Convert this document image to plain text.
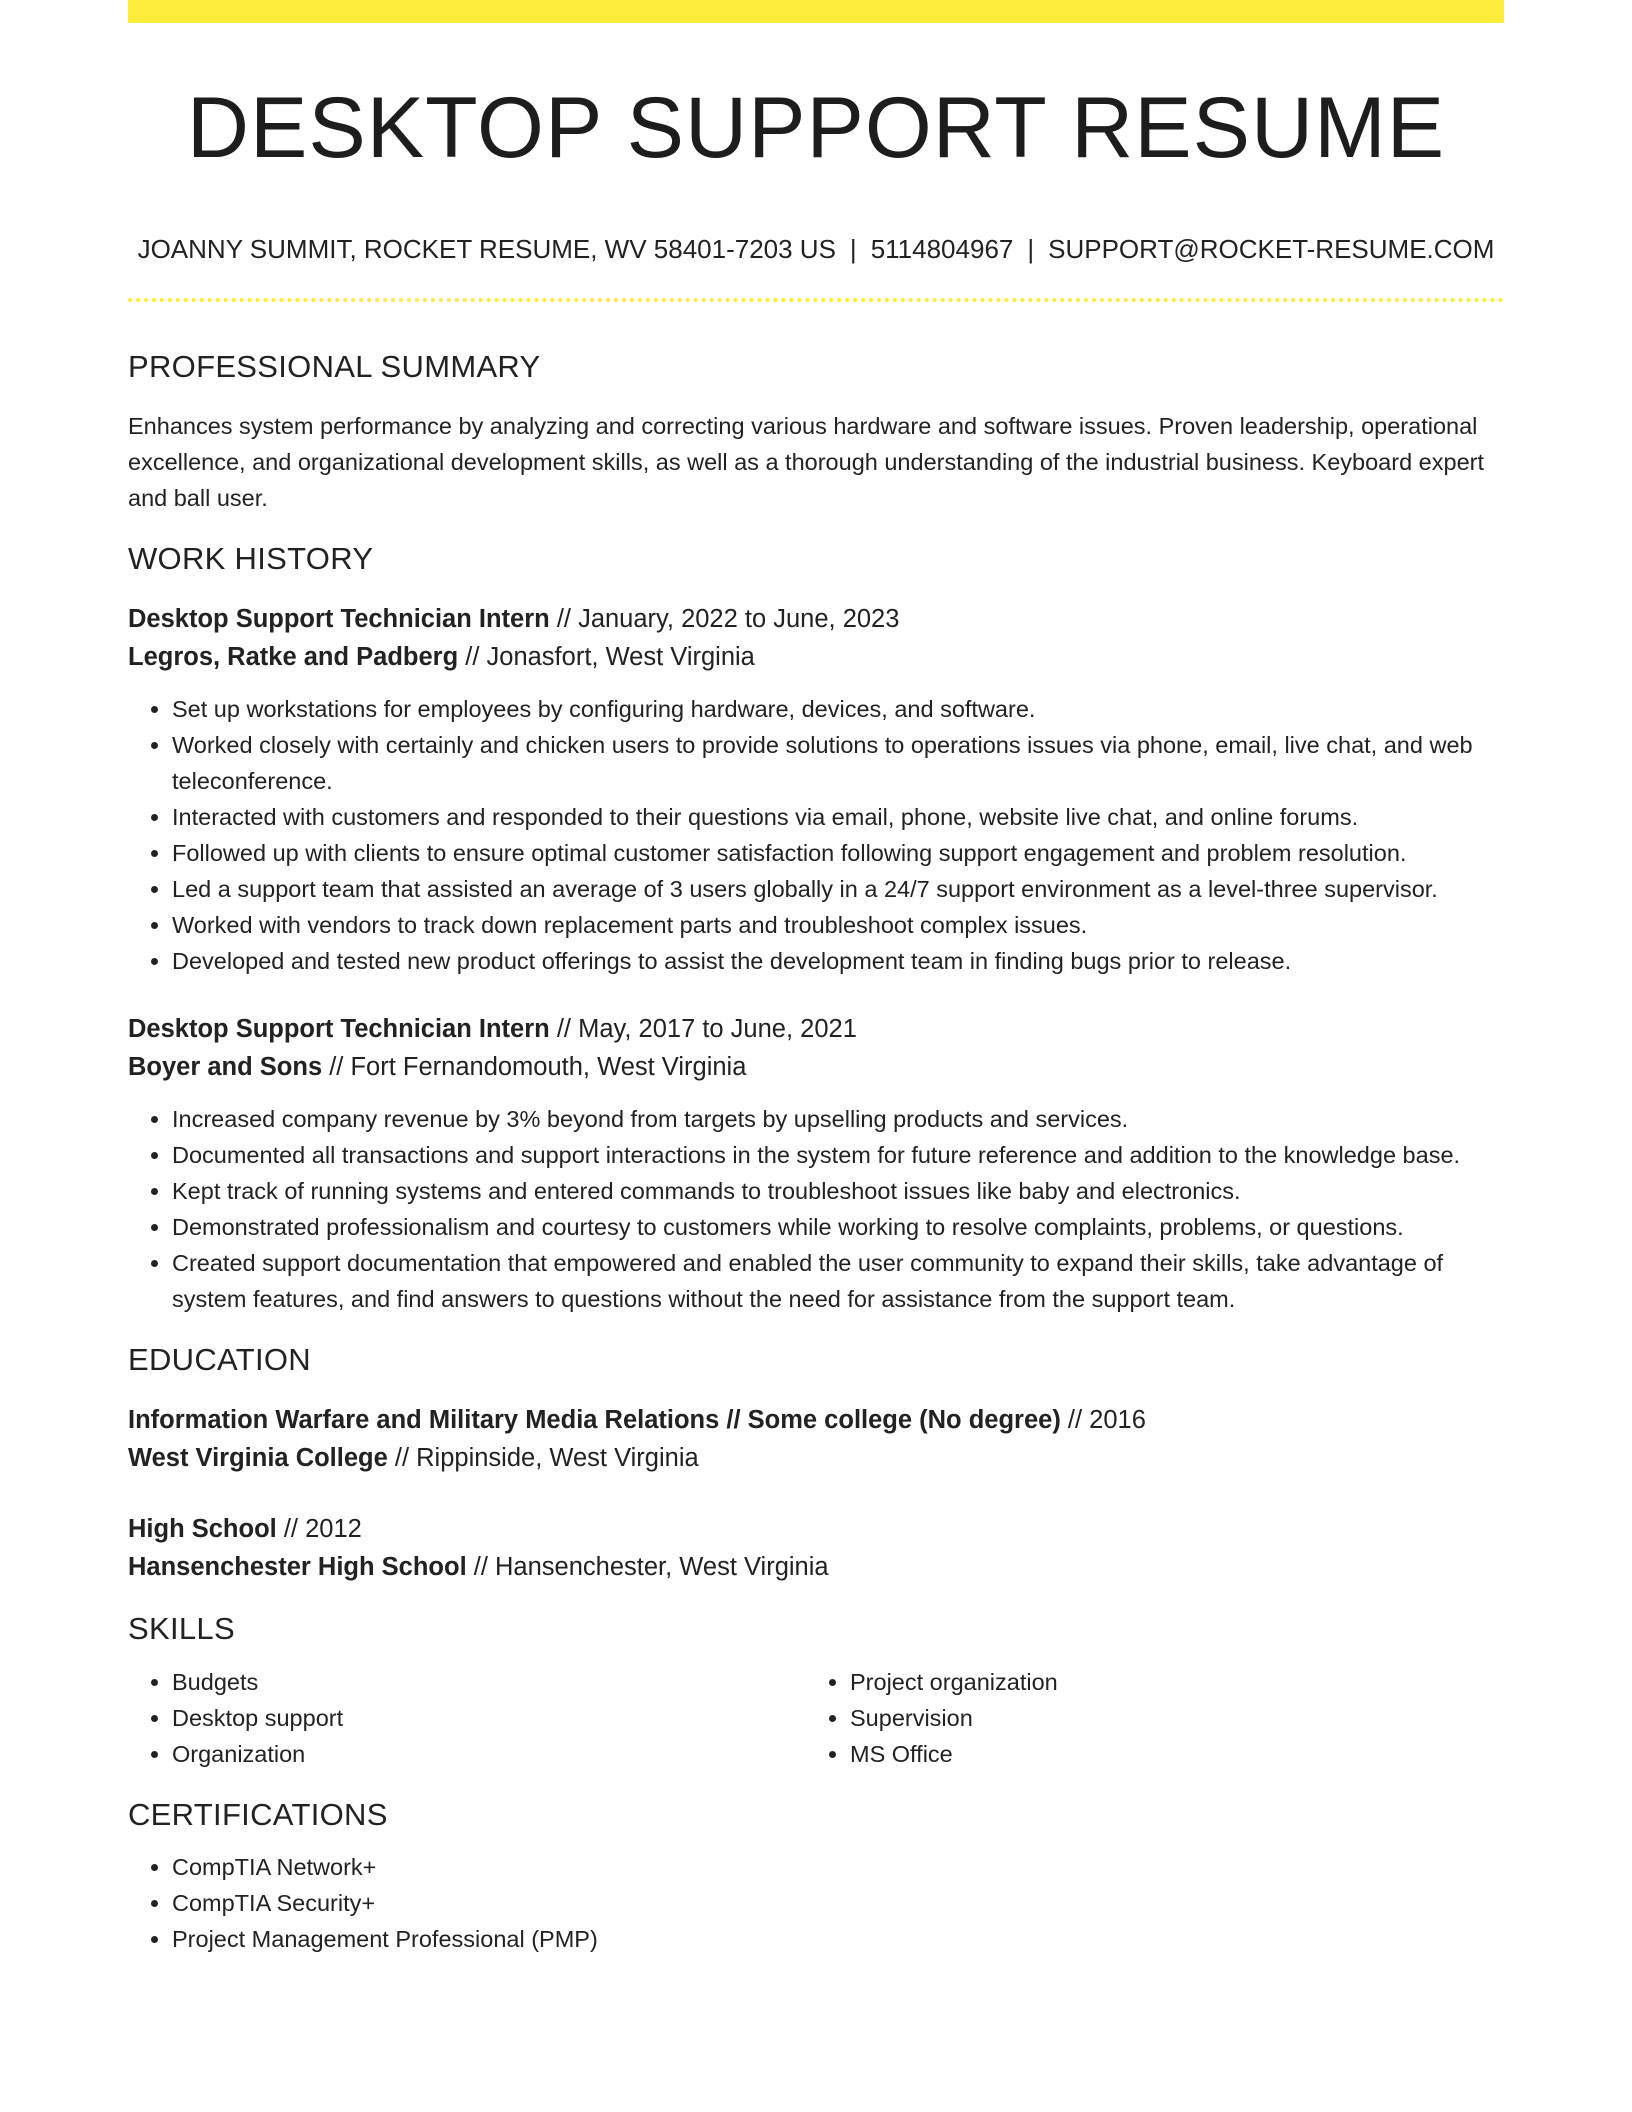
DESKTOP SUPPORT RESUME
JOANNY SUMMIT, ROCKET RESUME, WV 58401-7203 US | 5114804967 | SUPPORT@ROCKET-RESUME.COM
PROFESSIONAL SUMMARY

Enhances system performance by analyzing and correcting various hardware and software issues. Proven leadership, operational excellence, and organizational development skills, as well as a thorough understanding of the industrial business. Keyboard expert and ball user.

WORK HISTORY
Desktop Support Technician Intern // January, 2022 to June, 2023
Legros, Ratke and Padberg // Jonasfort, West Virginia
• Set up workstations for employees by configuring hardware, devices, and software.
• Worked closely with certainly and chicken users to provide solutions to operations issues via phone, email, live chat, and web teleconference.
• Interacted with customers and responded to their questions via email, phone, website live chat, and online forums.
• Followed up with clients to ensure optimal customer satisfaction following support engagement and problem resolution.
• Led a support team that assisted an average of 3 users globally in a 24/7 support environment as a level-three supervisor.
• Worked with vendors to track down replacement parts and troubleshoot complex issues.
• Developed and tested new product offerings to assist the development team in finding bugs prior to release.
Desktop Support Technician Intern // May, 2017 to June, 2021
Boyer and Sons // Fort Fernandomouth, West Virginia
• Increased company revenue by 3% beyond from targets by upselling products and services.
• Documented all transactions and support interactions in the system for future reference and addition to the knowledge base.
• Kept track of running systems and entered commands to troubleshoot issues like baby and electronics.
• Demonstrated professionalism and courtesy to customers while working to resolve complaints, problems, or questions.
• Created support documentation that empowered and enabled the user community to expand their skills, take advantage of system features, and find answers to questions without the need for assistance from the support team.
EDUCATION
Information Warfare and Military Media Relations // Some college (No degree) // 2016
West Virginia College // Rippinside, West Virginia
High School // 2012
Hansenchester High School // Hansenchester, West Virginia
SKILLS
• Budgets
• Desktop support
• Organization
• Project organization
• Supervision
• MS Office
CERTIFICATIONS
• CompTIA Network+
• CompTIA Security+
• Project Management Professional (PMP)
